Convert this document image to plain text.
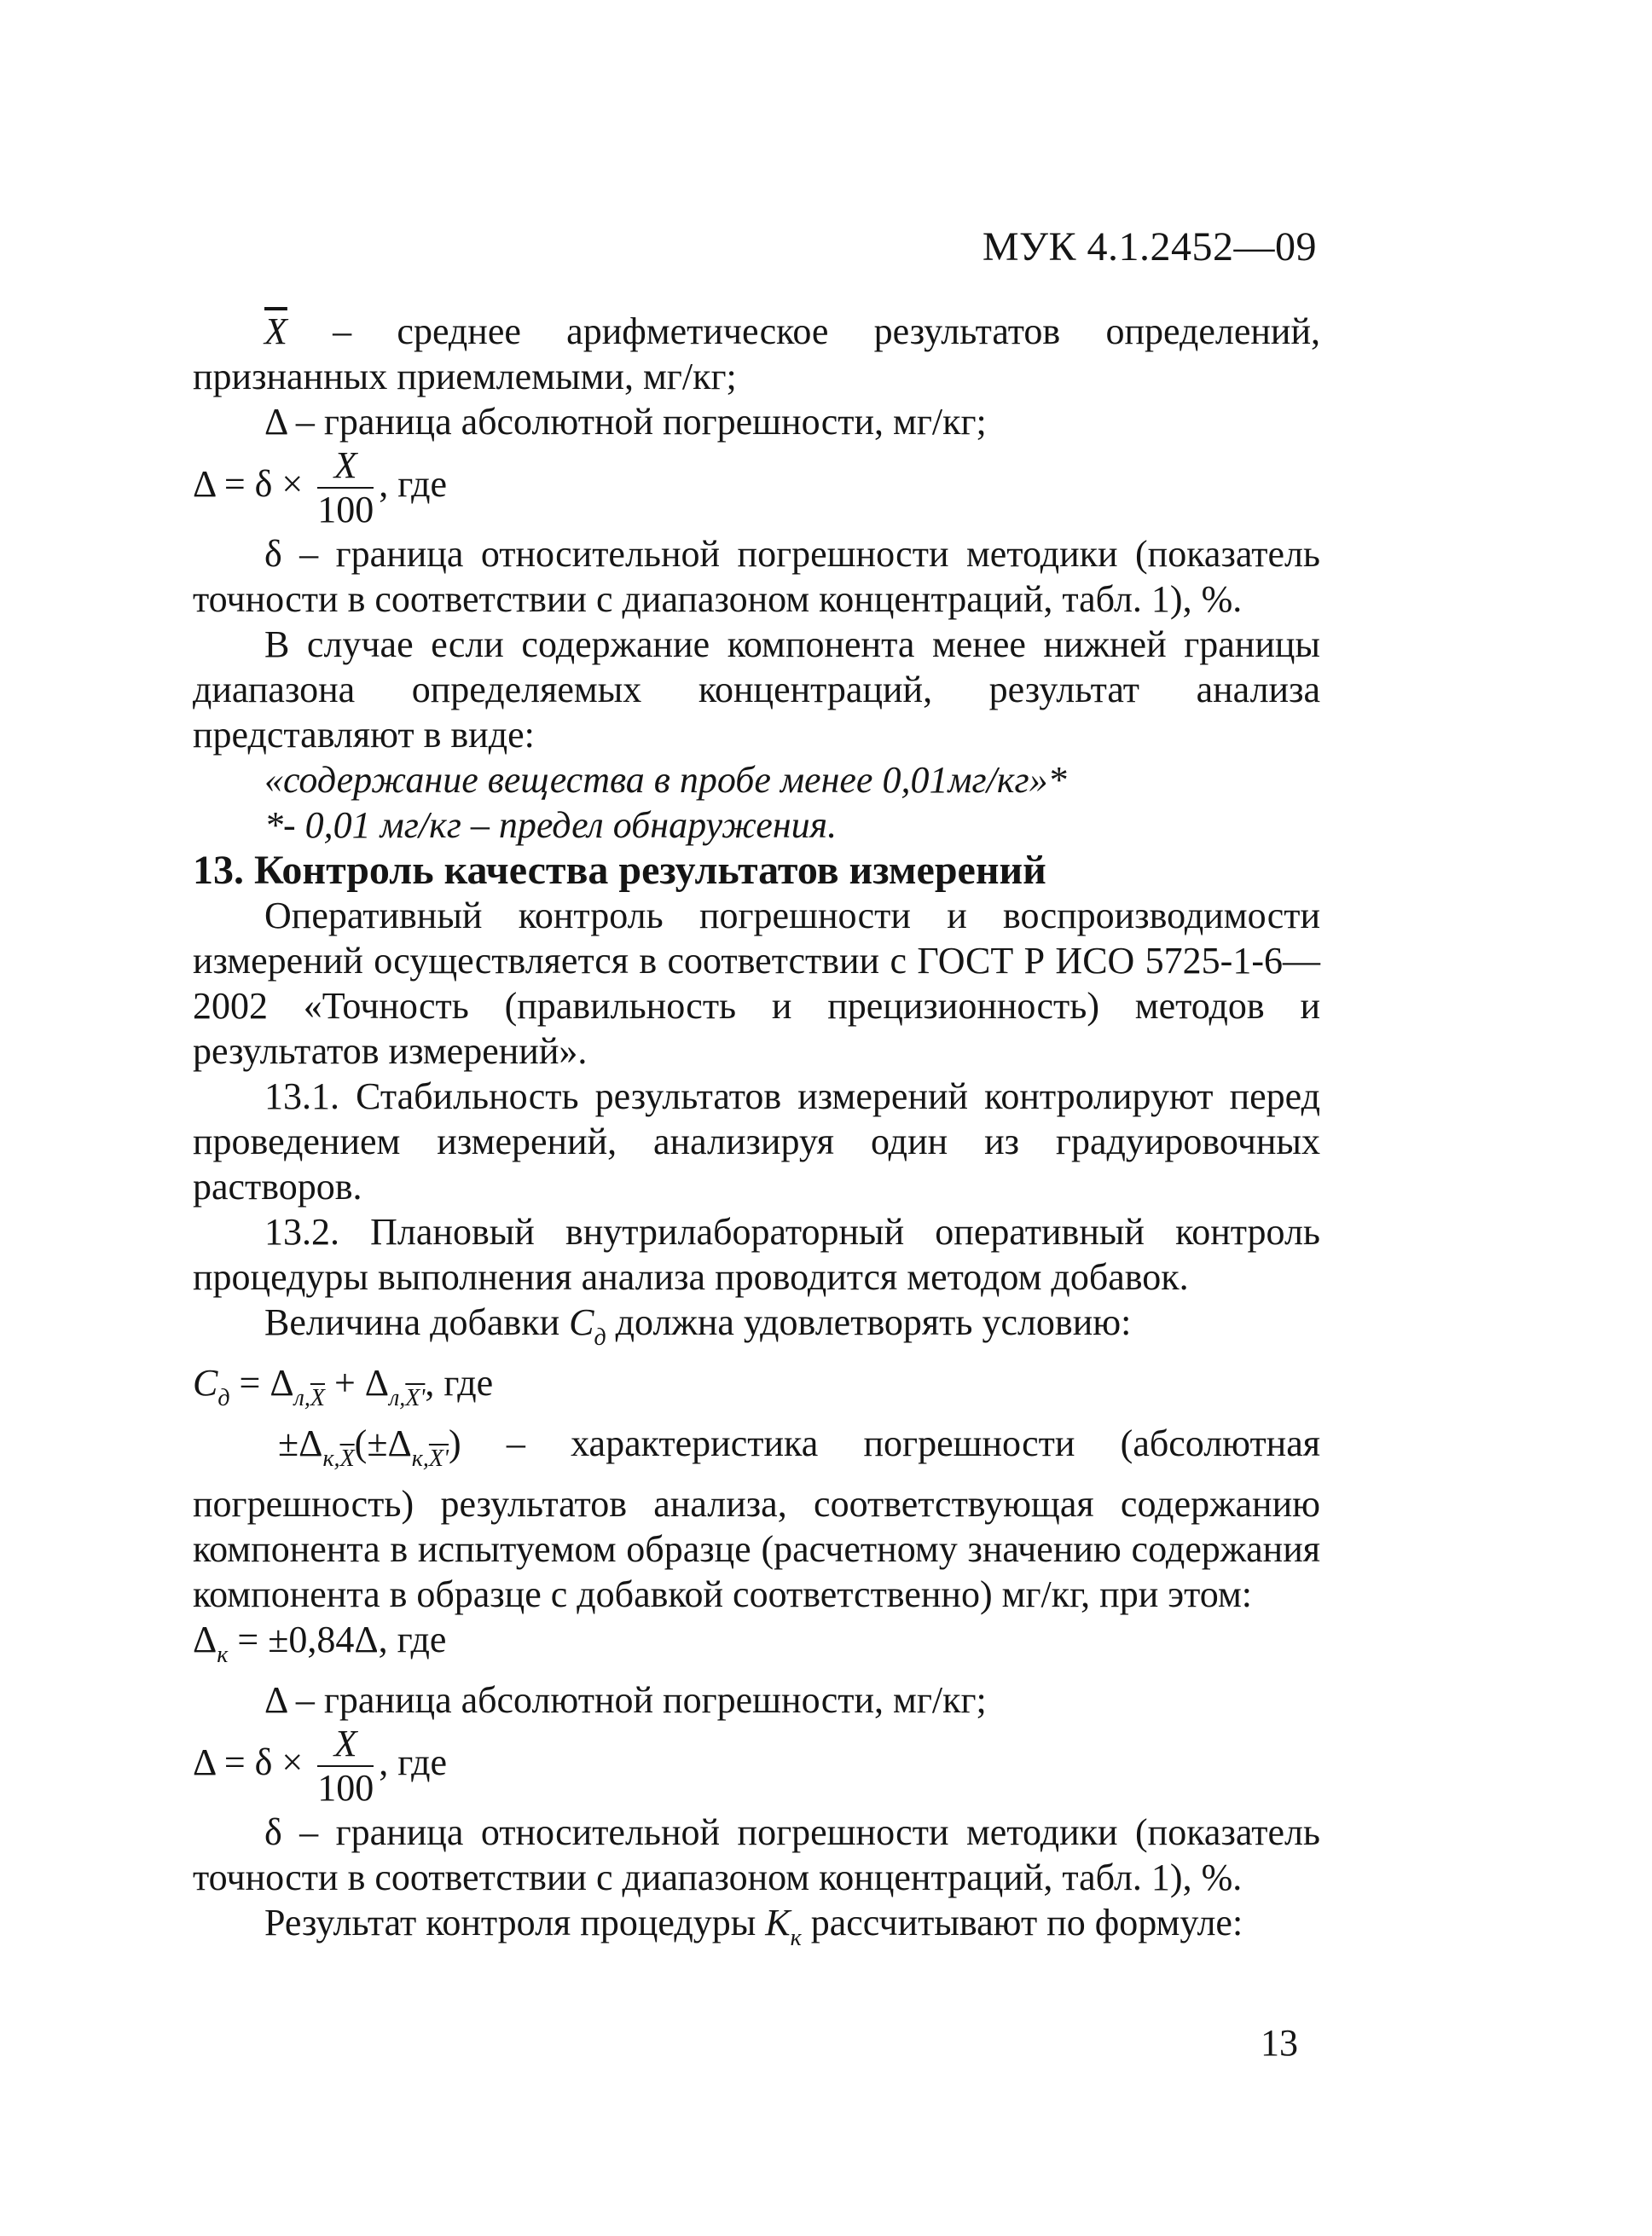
МУК 4.1.2452—09

$\overline{X}$ – среднее арифметическое результатов определений, признанных приемлемыми, мг/кг;

Δ – граница абсолютной погрешности, мг/кг;

$\Delta = \delta \times \frac{X}{100}$ , где

δ – граница относительной погрешности методики (показатель точности в соответствии с диапазоном концентраций, табл. 1), %.

В случае если содержание компонента менее нижней границы диапазона определяемых концентраций, результат анализа представляют в виде:

«содержание вещества в пробе менее 0,01мг/кг»*

*- 0,01 мг/кг – предел обнаружения.

13. Контроль качества результатов измерений

Оперативный контроль погрешности и воспроизводимости измерений осуществляется в соответствии с ГОСТ Р ИСО 5725-1-6—2002 «Точность (правильность и прецизионность) методов и результатов измерений».

13.1. Стабильность результатов измерений контролируют перед проведением измерений, анализируя один из градуировочных растворов.

13.2. Плановый внутрилабораторный оперативный контроль процедуры выполнения анализа проводится методом добавок.

Величина добавки $C_д$ должна удовлетворять условию:

$C_д = \Delta_{л,\overline{X}} + \Delta_{л,X'}$, где

$\pm\Delta_{к,\overline{X}}(\pm\Delta_{к,X'})$ – характеристика погрешности (абсолютная погрешность) результатов анализа, соответствующая содержанию компонента в испытуемом образце (расчетному значению содержания компонента в образце с добавкой соответственно) мг/кг, при этом:

$\Delta_к = \pm 0,84\Delta$, где

Δ – граница абсолютной погрешности, мг/кг;

$\Delta = \delta \times \frac{X}{100}$ , где

δ – граница относительной погрешности методики (показатель точности в соответствии с диапазоном концентраций, табл. 1), %.

Результат контроля процедуры $K_к$ рассчитывают по формуле:

13
